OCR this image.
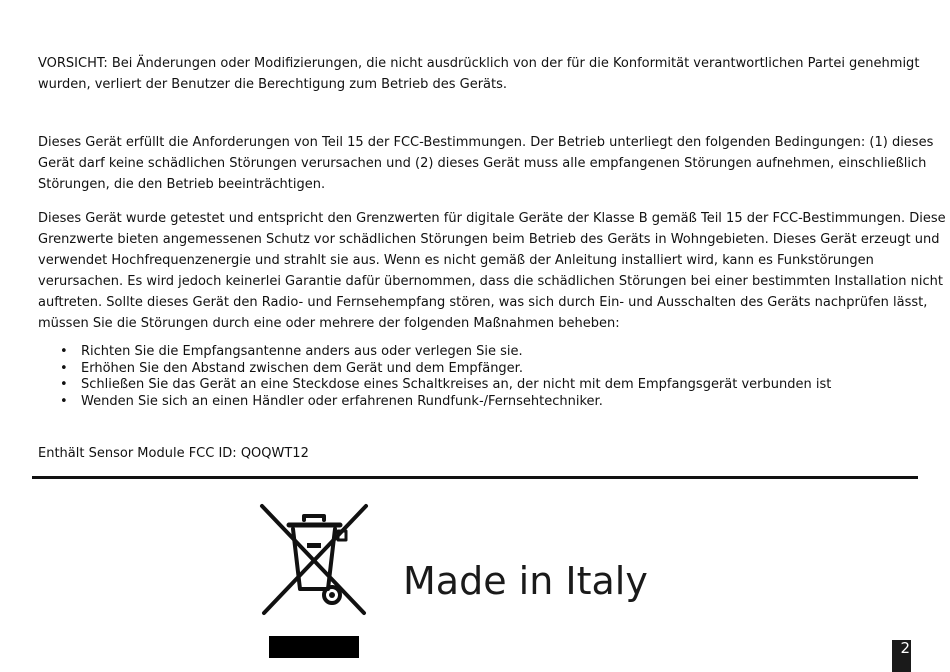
VORSICHT: Bei Änderungen oder Modifizierungen, die nicht ausdrücklich von der für die Konformität verantwortlichen Partei genehmigt wurden, verliert der Benutzer die Berechtigung zum Betrieb des Geräts.

Dieses Gerät erfüllt die Anforderungen von Teil 15 der FCC-Bestimmungen. Der Betrieb unterliegt den folgenden Bedingungen: (1) dieses Gerät darf keine schädlichen Störungen verursachen und (2) dieses Gerät muss alle empfangenen Störungen aufnehmen, einschließlich Störungen, die den Betrieb beeinträchtigen.

Dieses Gerät wurde getestet und entspricht den Grenzwerten für digitale Geräte der Klasse B gemäß Teil 15 der FCC-Bestimmungen. Diese Grenzwerte bieten angemessenen Schutz vor schädlichen Störungen beim Betrieb des Geräts in Wohngebieten. Dieses Gerät erzeugt und verwendet Hochfrequenzenergie und strahlt sie aus. Wenn es nicht gemäß der Anleitung installiert wird, kann es Funkstörungen verursachen. Es wird jedoch keinerlei Garantie dafür übernommen, dass die schädlichen Störungen bei einer bestimmten Installation nicht auftreten. Sollte dieses Gerät den Radio- und Fernsehempfang stören, was sich durch Ein- und Ausschalten des Geräts nachprüfen lässt, müssen Sie die Störungen durch eine oder mehrere der folgenden Maßnahmen beheben:

• Richten Sie die Empfangsantenne anders aus oder verlegen Sie sie.
• Erhöhen Sie den Abstand zwischen dem Gerät und dem Empfänger.
• Schließen Sie das Gerät an eine Steckdose eines Schaltkreises an, der nicht mit dem Empfangsgerät verbunden ist
• Wenden Sie sich an einen Händler oder erfahrenen Rundfunk-/Fernsehtechniker.

Enthält Sensor Module FCC ID: QOQWT12

Made in Italy
2
